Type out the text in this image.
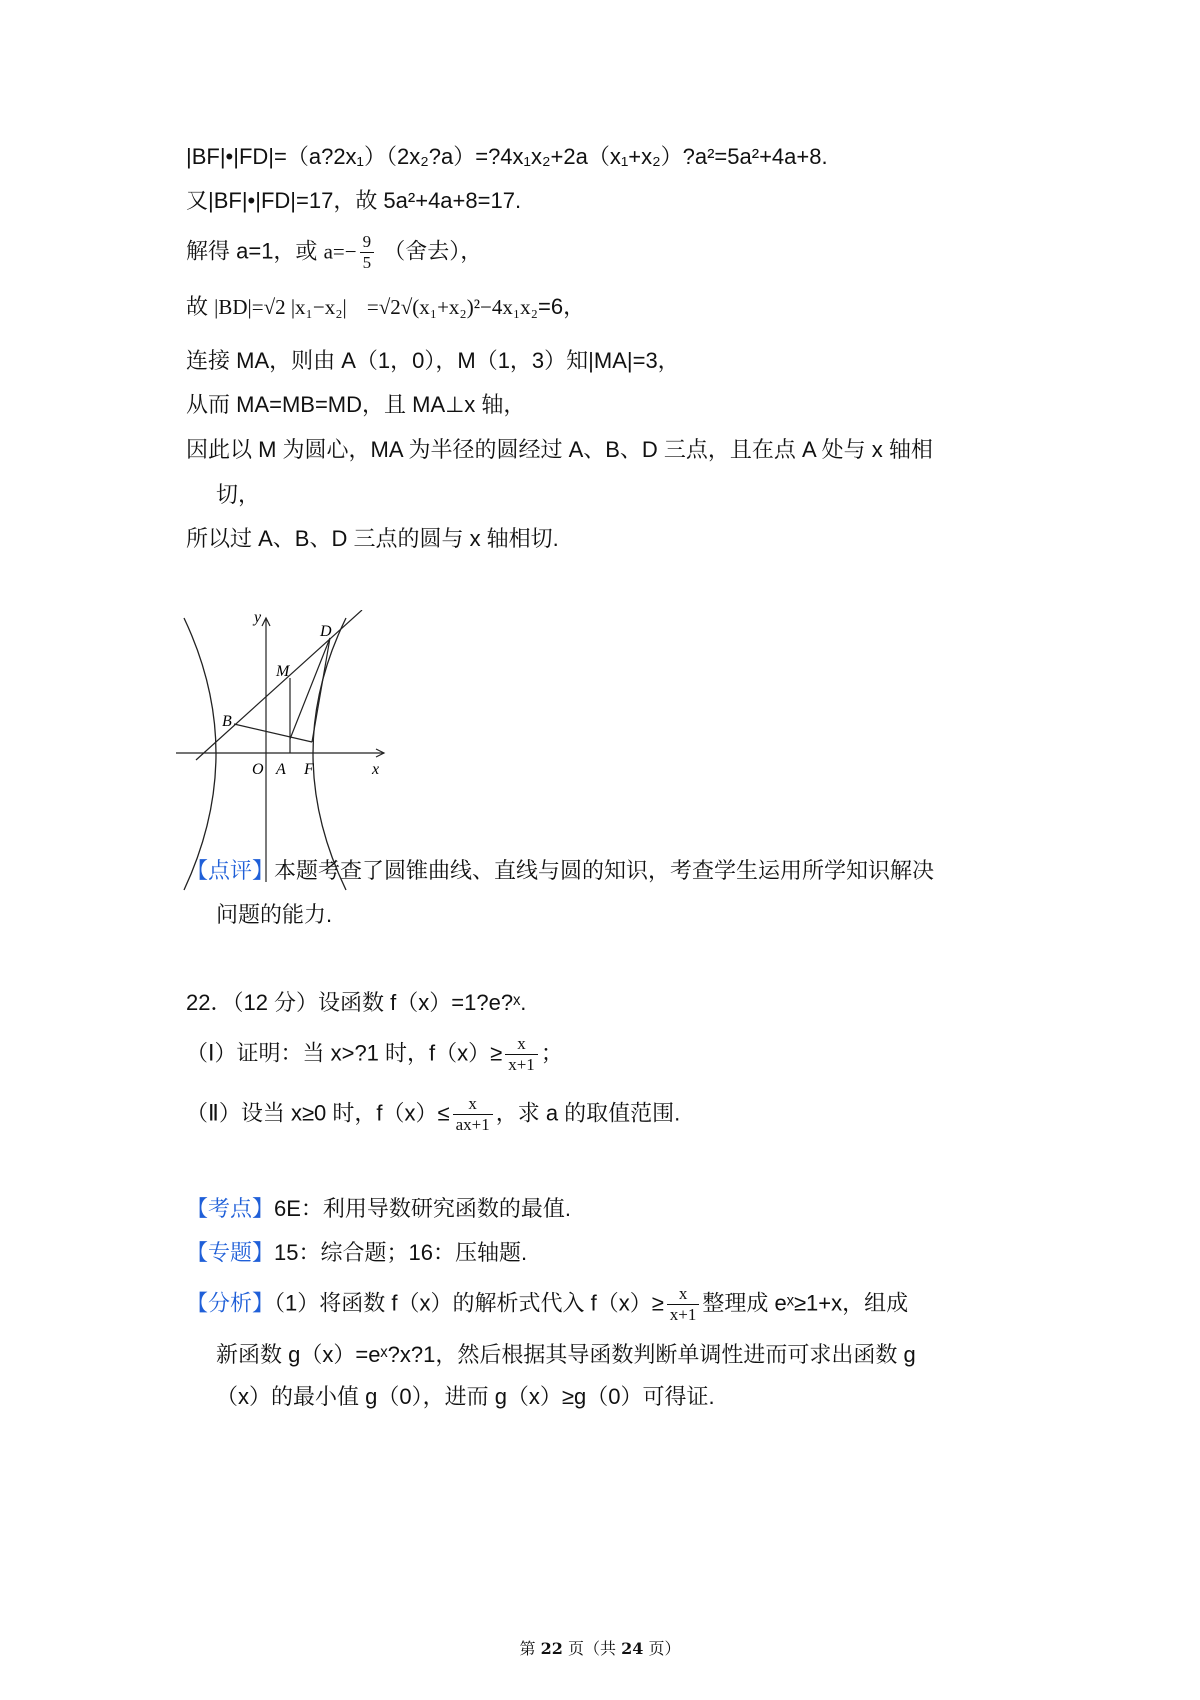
|BF|•|FD|=（a?2x₁）（2x₂?a）=?4x₁x₂+2a（x₁+x₂）?a²=5a²+4a+8.
又|BF|•|FD|=17，故 5a²+4a+8=17.
解得 a=1，或 $a=- \frac{9}{5}$ （舍去），
故 |BD|=√2 |x₁−x₂| =√2√(x₁+x₂)²−4x₁x₂=6，
连接 MA，则由 A（1，0），M（1，3）知|MA|=3，
从而 MA=MB=MD，且 MA⊥x 轴，
因此以 M 为圆心，MA 为半径的圆经过 A、B、D 三点，且在点 A 处与 x 轴相
切，
所以过 A、B、D 三点的圆与 x 轴相切.
y
x
O A F
B
M
D
【点评】本题考查了圆锥曲线、直线与圆的知识，考查学生运用所学知识解决
问题的能力.
22．（12 分）设函数 f（x）=1?e?ˣ.
（Ⅰ）证明：当 x>?1 时，$f(x)\ge \frac{x}{x+1}$ ；
（Ⅱ）设当 x≥0 时，$f(x)\le \frac{x}{ax+1}$ ，求 a 的取值范围.
【考点】6E：利用导数研究函数的最值.
【专题】15：综合题；16：压轴题.
【分析】（1）将函数 f（x）的解析式代入 $f(x)\ge \frac{x}{x+1}$ 整理成 eˣ≥1+x，组成
新函数 g（x）=eˣ?x?1，然后根据其导函数判断单调性进而可求出函数 g
（x）的最小值 g（0），进而 g（x）≥g（0）可得证.
第 22 页（共 24 页）
